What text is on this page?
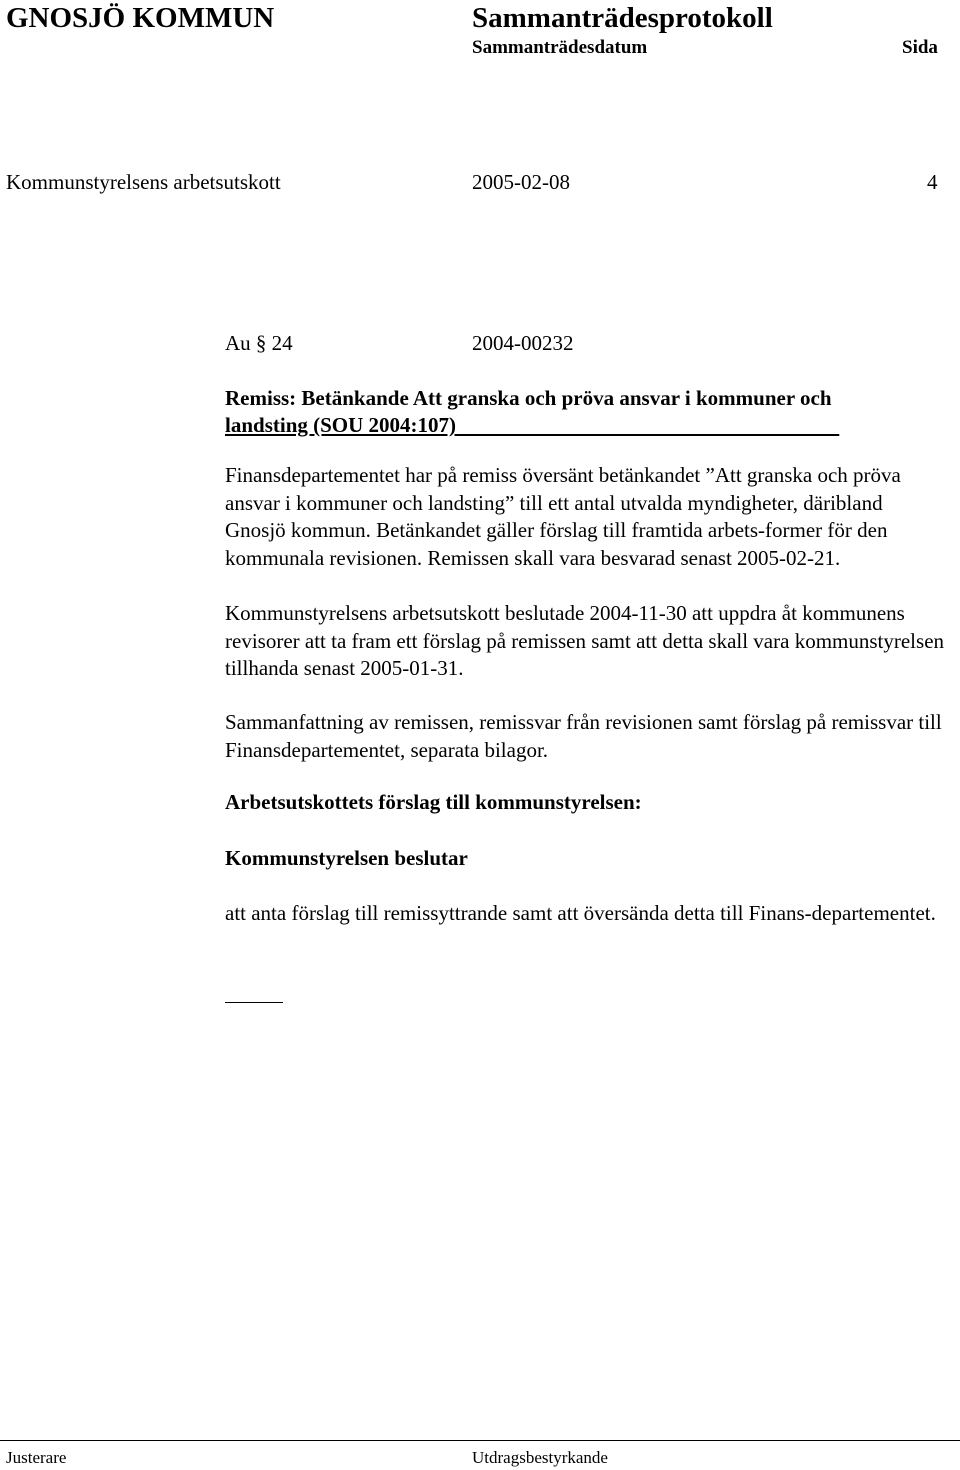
GNOSJÖ KOMMUN	Sammanträdesprotokoll
Sammanträdesdatum	Sida
Kommunstyrelsens arbetsutskott	2005-02-08	4
Au § 24	2004-00232
Remiss: Betänkande Att granska och pröva ansvar i kommuner och
landsting (SOU 2004:107)
Finansdepartementet har på remiss översänt betänkandet ”Att granska och pröva ansvar i kommuner och landsting” till ett antal utvalda myndigheter, däribland Gnosjö kommun. Betänkandet gäller förslag till framtida arbets-former för den kommunala revisionen. Remissen skall vara besvarad senast 2005-02-21.
Kommunstyrelsens arbetsutskott beslutade 2004-11-30 att uppdra åt kommunens revisorer att ta fram ett förslag på remissen samt att detta skall vara kommunstyrelsen tillhanda senast 2005-01-31.
Sammanfattning av remissen, remissvar från revisionen samt förslag på remissvar till Finansdepartementet, separata bilagor.
Arbetsutskottets förslag till kommunstyrelsen:
Kommunstyrelsen beslutar
att anta förslag till remissyttrande samt att översända detta till Finans-departementet.
Justerare	Utdragsbestyrkande
